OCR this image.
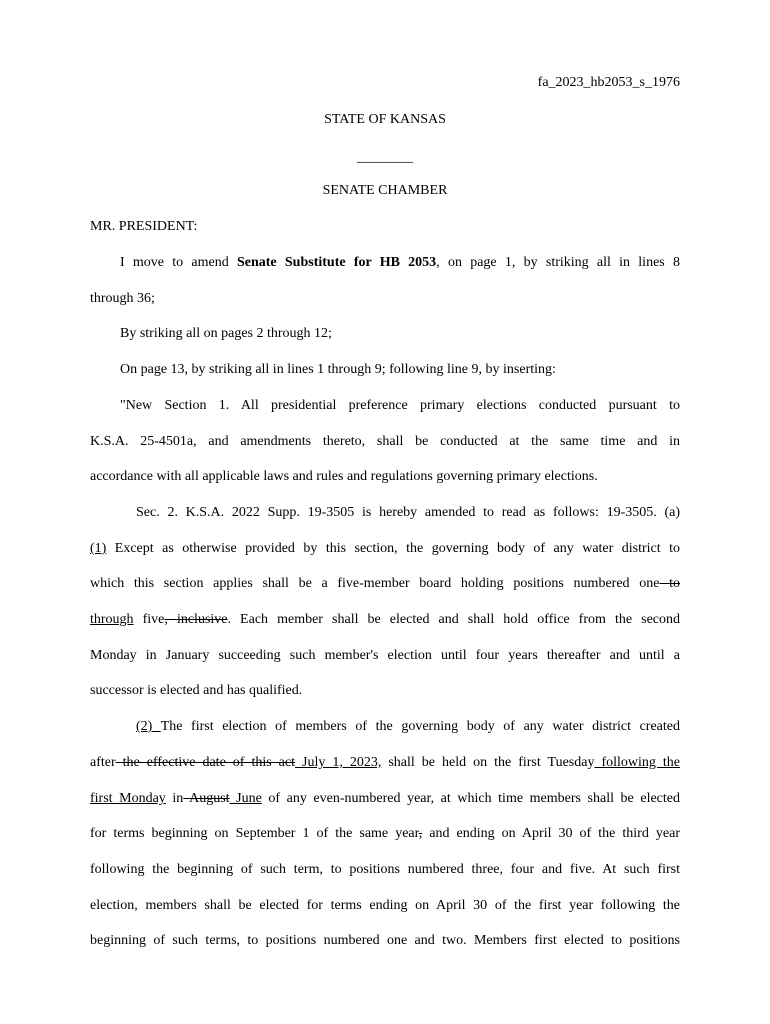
fa_2023_hb2053_s_1976
STATE OF KANSAS
________
SENATE CHAMBER
MR. PRESIDENT:
I move to amend Senate Substitute for HB 2053, on page 1, by striking all in lines 8
through 36;
By striking all on pages 2 through 12;
On page 13, by striking all in lines 1 through 9; following line 9, by inserting:
"New Section 1. All presidential preference primary elections conducted pursuant to
K.S.A. 25-4501a, and amendments thereto, shall be conducted at the same time and in
accordance with all applicable laws and rules and regulations governing primary elections.
Sec. 2. K.S.A. 2022 Supp. 19-3505 is hereby amended to read as follows: 19-3505. (a)
(1) Except as otherwise provided by this section, the governing body of any water district to
which this section applies shall be a five-member board holding positions numbered one to
through five, inclusive. Each member shall be elected and shall hold office from the second
Monday in January succeeding such member's election until four years thereafter and until a
successor is elected and has qualified.
(2) The first election of members of the governing body of any water district created
after the effective date of this act July 1, 2023, shall be held on the first Tuesday following the
first Monday in August June of any even-numbered year, at which time members shall be elected
for terms beginning on September 1 of the same year, and ending on April 30 of the third year
following the beginning of such term, to positions numbered three, four and five. At such first
election, members shall be elected for terms ending on April 30 of the first year following the
beginning of such terms, to positions numbered one and two. Members first elected to positions
